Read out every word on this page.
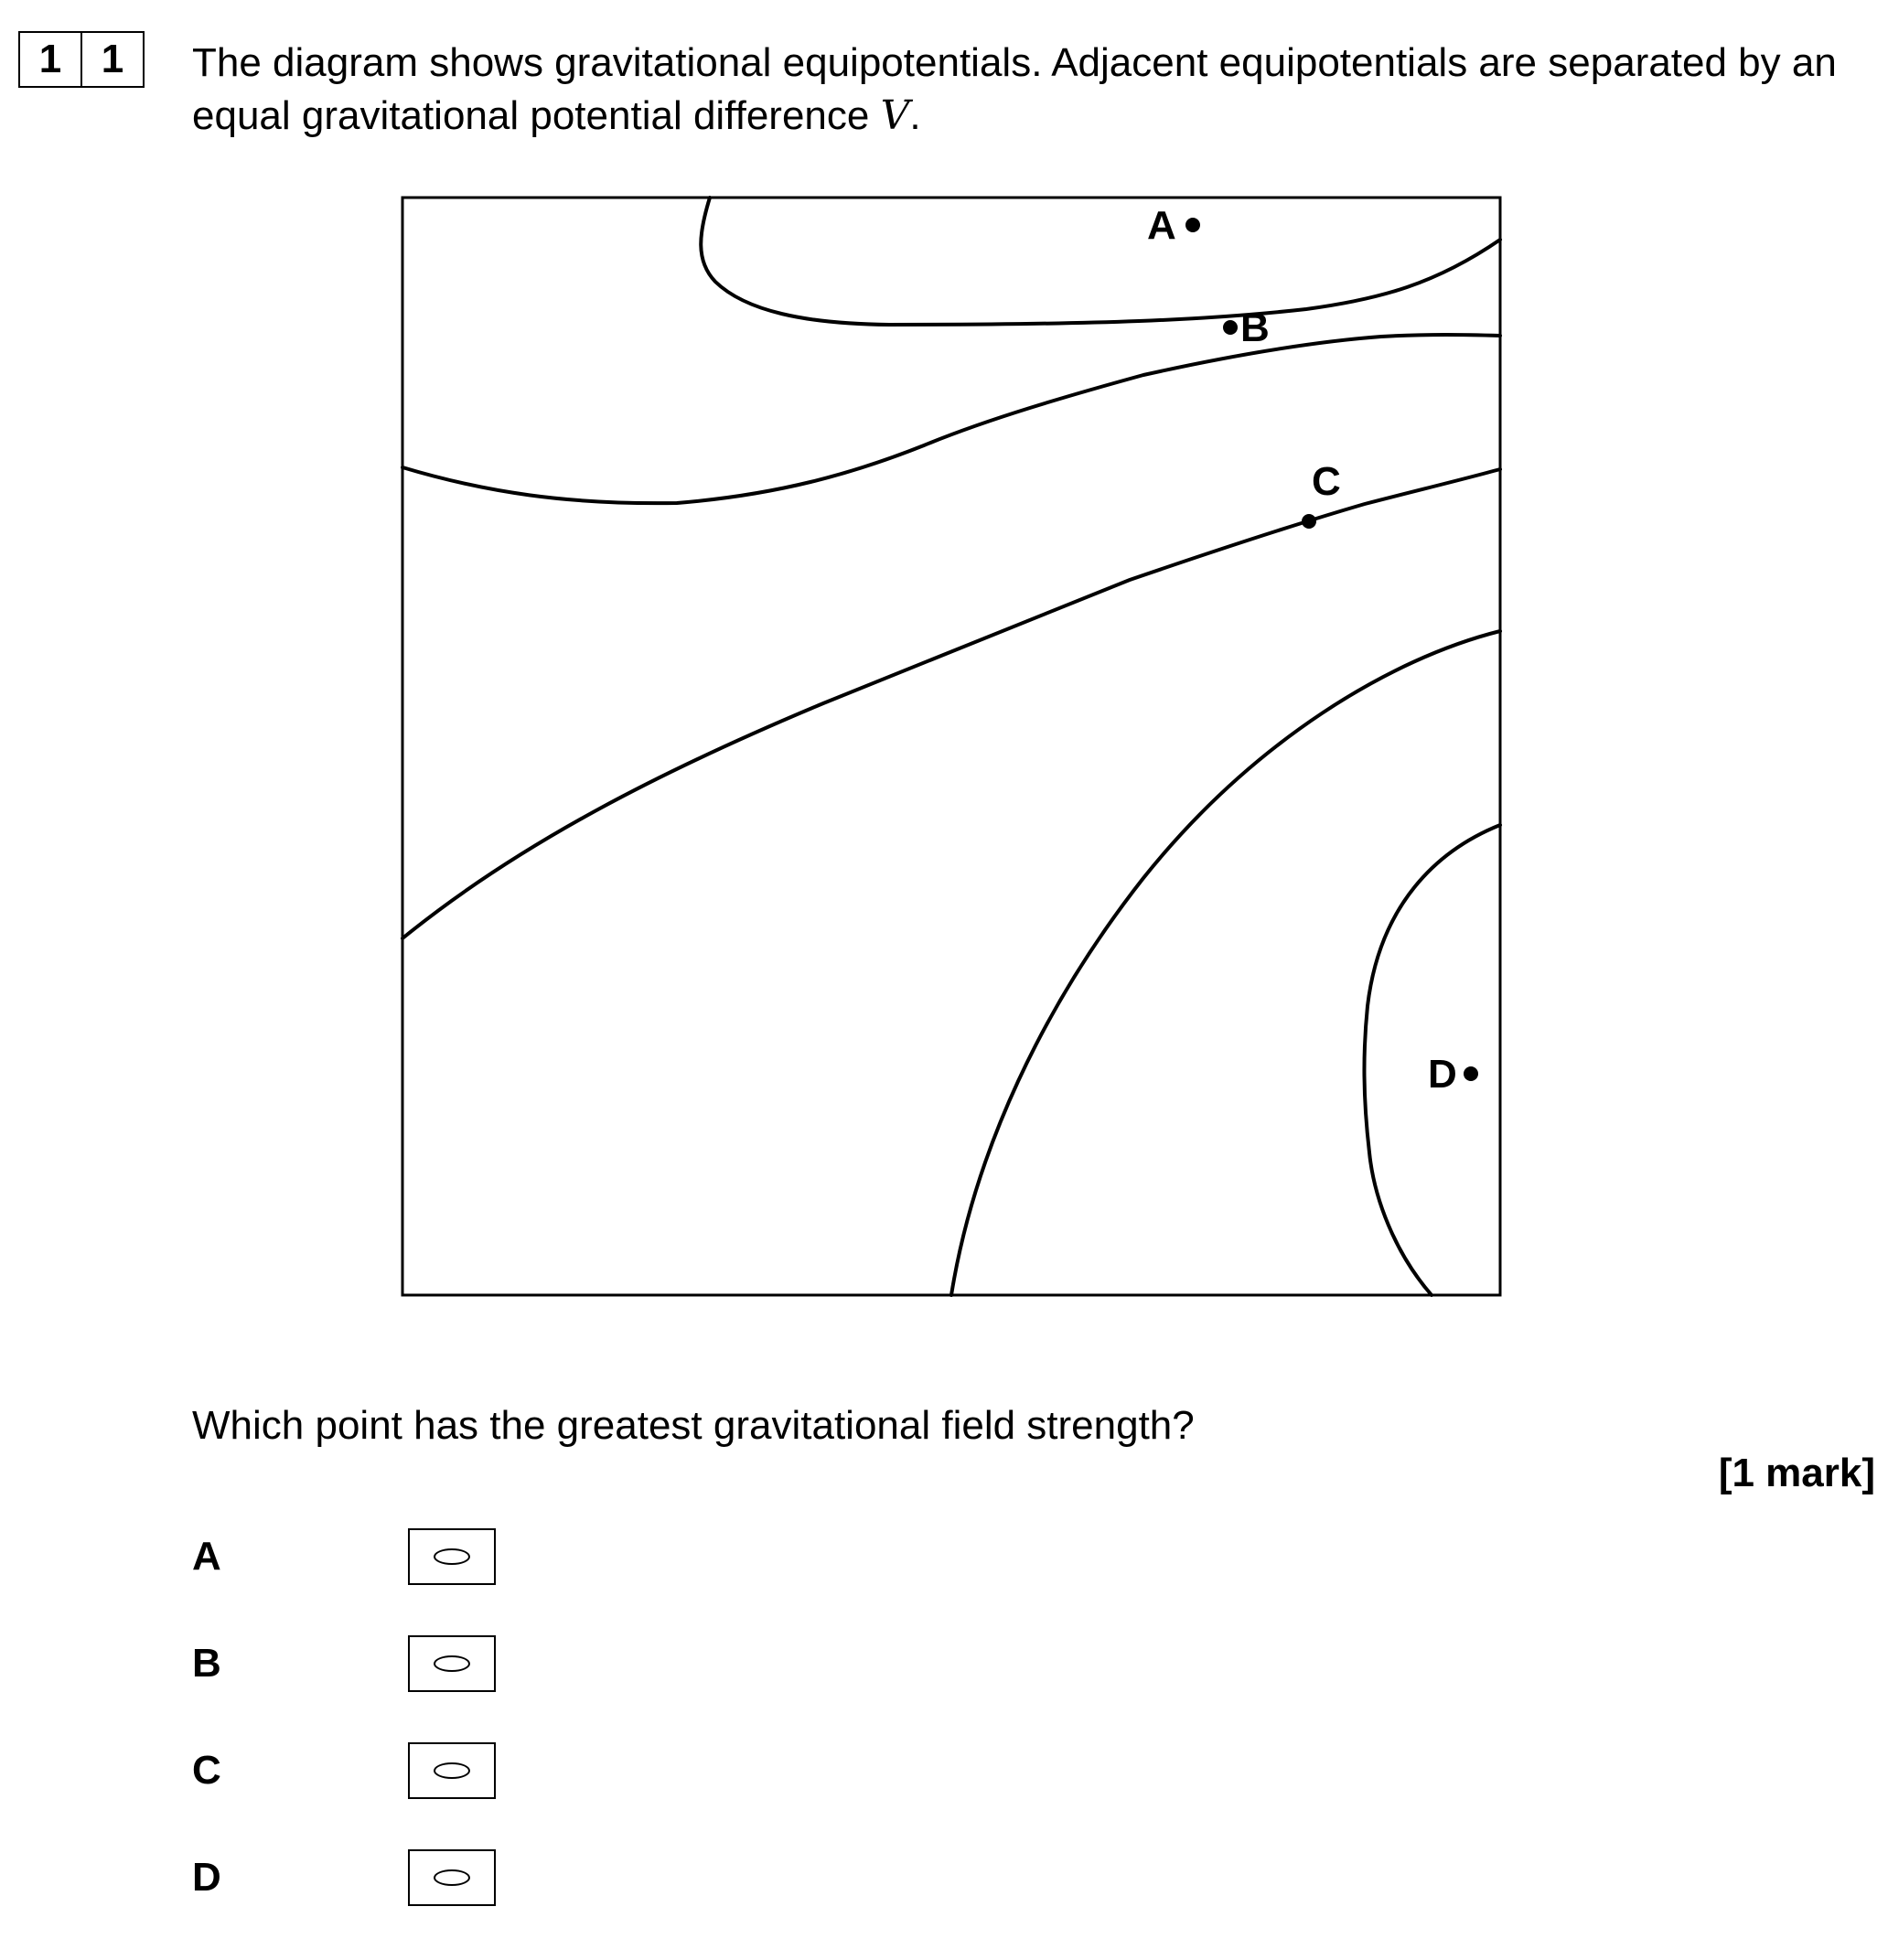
1 1	The diagram shows gravitational equipotentials. Adjacent equipotentials are separated by an equal gravitational potential difference V.

A
B
C
D

Which point has the greatest gravitational field strength?

[1 mark]
A
B
C
D
